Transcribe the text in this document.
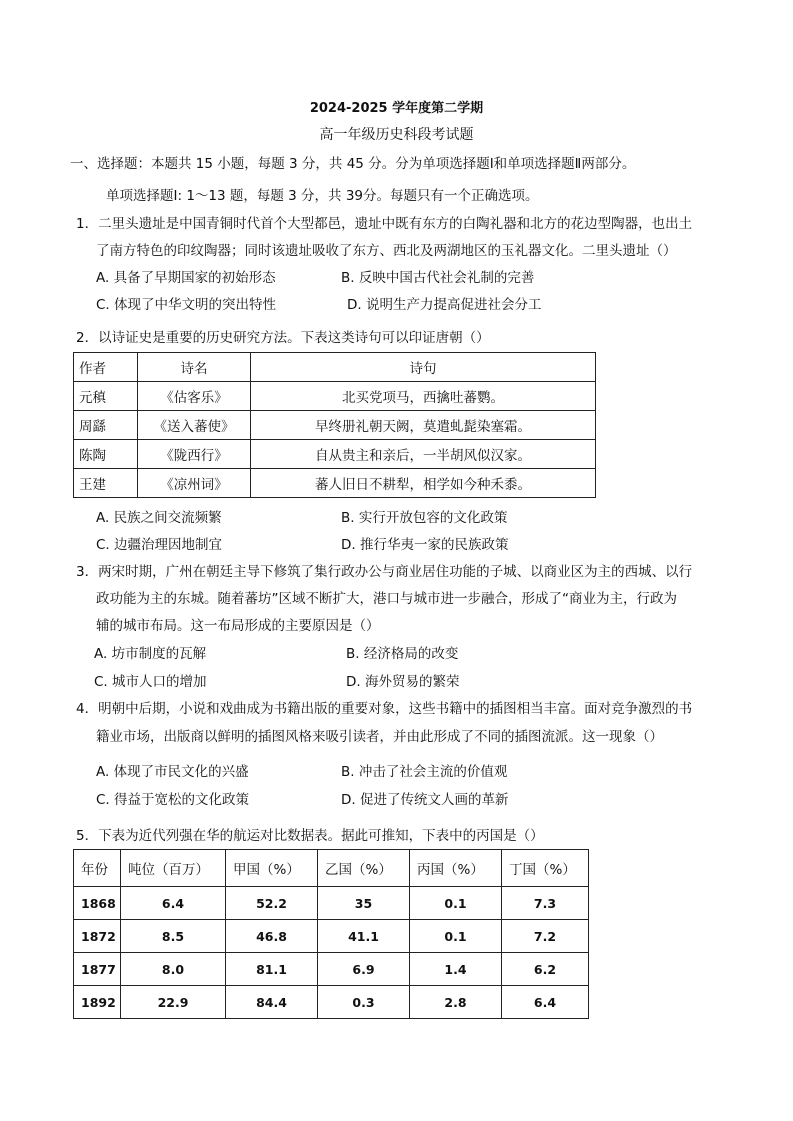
2024-2025 学年度第二学期
高一年级历史科段考试题
一、选择题：本题共 15 小题，每题 3 分，共 45 分。分为单项选择题Ⅰ和单项选择题Ⅱ两部分。
单项选择题Ⅰ: 1～13 题，每题 3 分，共 39分。每题只有一个正确选项。
1．二里头遗址是中国青铜时代首个大型都邑，遗址中既有东方的白陶礼器和北方的花边型陶器，也出土
了南方特色的印纹陶器；同时该遗址吸收了东方、西北及两湖地区的玉礼器文化。二里头遗址（）
A. 具备了早期国家的初始形态	B. 反映中国古代社会礼制的完善
C. 体现了中华文明的突出特性	D. 说明生产力提高促进社会分工
2．以诗证史是重要的历史研究方法。下表这类诗句可以印证唐朝（）
作者	诗名	诗句
元稹	《估客乐》	北买党项马，西擒吐蕃鹦。
周繇	《送入蕃使》	早终册礼朝天阙，莫遣虬髭染塞霜。
陈陶	《陇西行》	自从贵主和亲后，一半胡风似汉家。
王建	《凉州词》	蕃人旧日不耕犁，相学如今种禾黍。
A. 民族之间交流频繁	B. 实行开放包容的文化政策
C. 边疆治理因地制宜	D. 推行华夷一家的民族政策
3．两宋时期，广州在朝廷主导下修筑了集行政办公与商业居住功能的子城、以商业区为主的西城、以行
政功能为主的东城。随着蕃坊”区域不断扩大，港口与城市进一步融合，形成了“商业为主，行政为
辅的城市布局。这一布局形成的主要原因是（）
A. 坊市制度的瓦解	B. 经济格局的改变
C. 城市人口的增加	D. 海外贸易的繁荣
4．明朝中后期，小说和戏曲成为书籍出版的重要对象，这些书籍中的插图相当丰富。面对竞争激烈的书
籍业市场，出版商以鲜明的插图风格来吸引读者，并由此形成了不同的插图流派。这一现象（）
A. 体现了市民文化的兴盛	B. 冲击了社会主流的价值观
C. 得益于宽松的文化政策	D. 促进了传统文人画的革新
5．下表为近代列强在华的航运对比数据表。据此可推知，下表中的丙国是（）
年份	吨位（百万）	甲国（%）	乙国（%）	丙国（%）	丁国（%）
1868	6.4	52.2	35	0.1	7.3
1872	8.5	46.8	41.1	0.1	7.2
1877	8.0	81.1	6.9	1.4	6.2
1892	22.9	84.4	0.3	2.8	6.4
